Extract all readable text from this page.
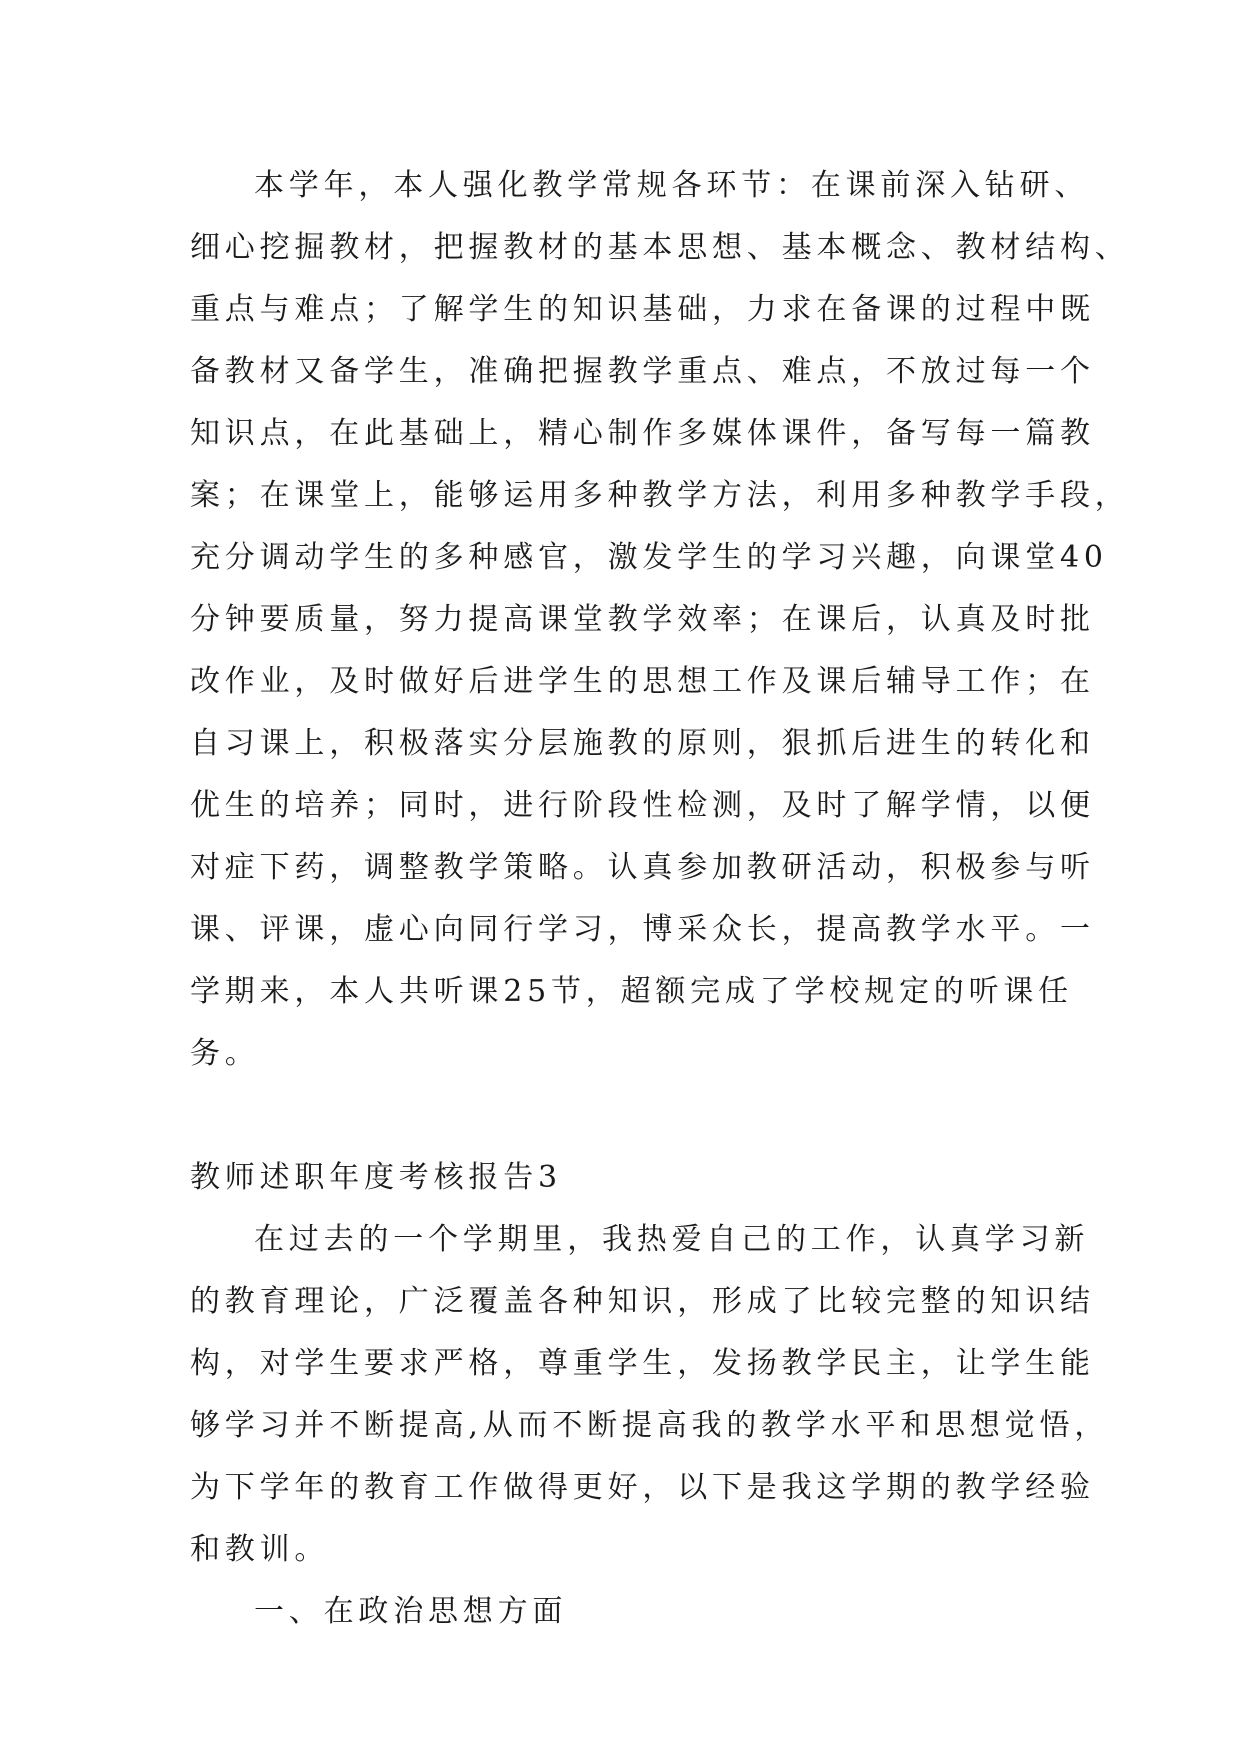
本学年，本人强化教学常规各环节：在课前深入钻研、
细心挖掘教材，把握教材的基本思想、基本概念、教材结构、
重点与难点；了解学生的知识基础，力求在备课的过程中既
备教材又备学生，准确把握教学重点、难点，不放过每一个
知识点，在此基础上，精心制作多媒体课件，备写每一篇教
案；在课堂上，能够运用多种教学方法，利用多种教学手段，
充分调动学生的多种感官，激发学生的学习兴趣，向课堂40
分钟要质量，努力提高课堂教学效率；在课后，认真及时批
改作业，及时做好后进学生的思想工作及课后辅导工作；在
自习课上，积极落实分层施教的原则，狠抓后进生的转化和
优生的培养；同时，进行阶段性检测，及时了解学情，以便
对症下药，调整教学策略。认真参加教研活动，积极参与听
课、评课，虚心向同行学习，博采众长，提高教学水平。一
学期来，本人共听课25节，超额完成了学校规定的听课任
务。
教师述职年度考核报告3
在过去的一个学期里，我热爱自己的工作，认真学习新
的教育理论，广泛覆盖各种知识，形成了比较完整的知识结
构，对学生要求严格，尊重学生，发扬教学民主，让学生能
够学习并不断提高,从而不断提高我的教学水平和思想觉悟，
为下学年的教育工作做得更好，以下是我这学期的教学经验
和教训。
一、在政治思想方面
